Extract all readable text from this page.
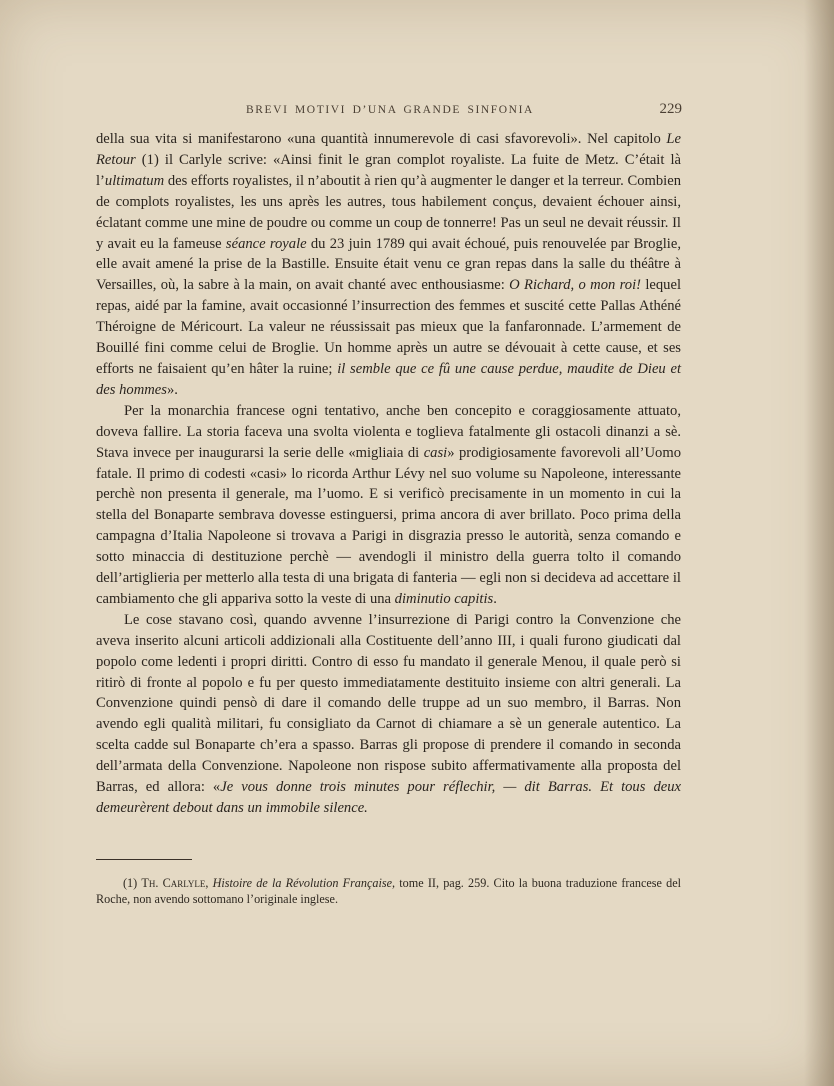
BREVI MOTIVI D’UNA GRANDE SINFONIA	229

della sua vita si manifestarono «una quantità innumerevole di casi sfavorevoli». Nel capitolo Le Retour (1) il Carlyle scrive: «Ainsi finit le gran complot royaliste. La fuite de Metz. C’était là l’ultimatum des efforts royalistes, il n’aboutit à rien qu’à augmenter le danger et la terreur. Combien de complots royalistes, les uns après les autres, tous habilement conçus, devaient échouer ainsi, éclatant comme une mine de poudre ou comme un coup de tonnerre! Pas un seul ne devait réussir. Il y avait eu la fameuse séance royale du 23 juin 1789 qui avait échoué, puis renouvelée par Broglie, elle avait amené la prise de la Bastille. Ensuite était venu ce gran repas dans la salle du théâtre à Versailles, où, la sabre à la main, on avait chanté avec enthousiasme: O Richard, o mon roi! lequel repas, aidé par la famine, avait occasionné l’insurrection des femmes et suscité cette Pallas Athéné Théroigne de Méricourt. La valeur ne réussissait pas mieux que la fanfaronnade. L’armement de Bouillé fini comme celui de Broglie. Un homme après un autre se dévouait à cette cause, et ses efforts ne faisaient qu’en hâter la ruine; il semble que ce fû une cause perdue, maudite de Dieu et des hommes».

Per la monarchia francese ogni tentativo, anche ben concepito e coraggiosamente attuato, doveva fallire. La storia faceva una svolta violenta e toglieva fatalmente gli ostacoli dinanzi a sè. Stava invece per inaugurarsi la serie delle «migliaia di casi» prodigiosamente favorevoli all’Uomo fatale. Il primo di codesti «casi» lo ricorda Arthur Lévy nel suo volume su Napoleone, interessante perchè non presenta il generale, ma l’uomo. E si verificò precisamente in un momento in cui la stella del Bonaparte sembrava dovesse estinguersi, prima ancora di aver brillato. Poco prima della campagna d’Italia Napoleone si trovava a Parigi in disgrazia presso le autorità, senza comando e sotto minaccia di destituzione perchè — avendogli il ministro della guerra tolto il comando dell’artiglieria per metterlo alla testa di una brigata di fanteria — egli non si decideva ad accettare il cambiamento che gli appariva sotto la veste di una diminutio capitis.

Le cose stavano così, quando avvenne l’insurrezione di Parigi contro la Convenzione che aveva inserito alcuni articoli addizionali alla Costituente dell’anno III, i quali furono giudicati dal popolo come ledenti i propri diritti. Contro di esso fu mandato il generale Menou, il quale però si ritirò di fronte al popolo e fu per questo immediatamente destituito insieme con altri generali. La Convenzione quindi pensò di dare il comando delle truppe ad un suo membro, il Barras. Non avendo egli qualità militari, fu consigliato da Carnot di chiamare a sè un generale autentico. La scelta cadde sul Bonaparte ch’era a spasso. Barras gli propose di prendere il comando in seconda dell’armata della Convenzione. Napoleone non rispose subito affermativamente alla proposta del Barras, ed allora: «Je vous donne trois minutes pour réflechir, — dit Barras. Et tous deux demeurèrent debout dans un immobile silence.

(1) Th. Carlyle, Histoire de la Révolution Française, tome II, pag. 259. Cito la buona traduzione francese del Roche, non avendo sottomano l’originale inglese.
